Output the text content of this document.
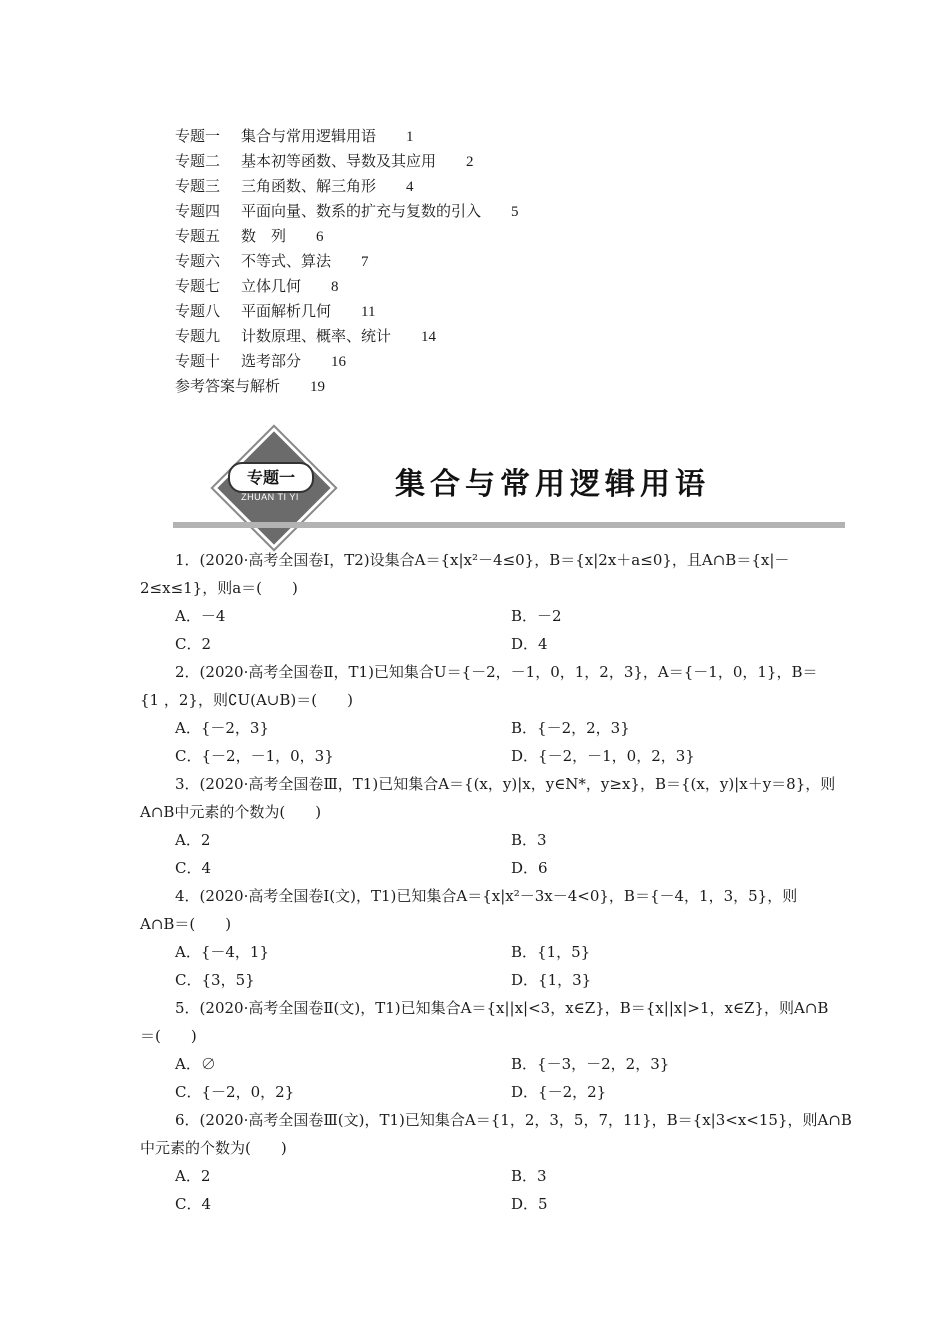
专题一 集合与常用逻辑用语 1
专题二 基本初等函数、导数及其应用 2
专题三 三角函数、解三角形 4
专题四 平面向量、数系的扩充与复数的引入 5
专题五 数　列 6
专题六 不等式、算法 7
专题七 立体几何 8
专题八 平面解析几何 11
专题九 计数原理、概率、统计 14
专题十 选考部分 16
参考答案与解析 19
专题一
ZHUAN TI YI	集合与常用逻辑用语
1．(2020·高考全国卷Ⅰ，T2)设集合A＝{x|x²－4≤0}，B＝{x|2x＋a≤0}，且A∩B＝{x|－
2≤x≤1}，则a＝(　　)
A．－4	B．－2
C．2	D．4
2．(2020·高考全国卷Ⅱ，T1)已知集合U＝{－2，－1，0，1，2，3}，A＝{－1，0，1}，B＝
{1 ，2}，则∁U(A∪B)＝(　　)
A．{－2，3}	B．{－2，2，3}
C．{－2，－1，0，3}	D．{－2，－1，0，2，3}
3．(2020·高考全国卷Ⅲ，T1)已知集合A＝{(x，y)|x，y∈N*，y≥x}，B＝{(x，y)|x＋y＝8}，则
A∩B中元素的个数为(　　)
A．2	B．3
C．4	D．6
4．(2020·高考全国卷Ⅰ(文)，T1)已知集合A＝{x|x²－3x－4<0}，B＝{－4，1，3，5}，则
A∩B＝(　　)
A．{－4，1}	B．{1，5}
C．{3，5}	D．{1，3}
5．(2020·高考全国卷Ⅱ(文)，T1)已知集合A＝{x||x|<3，x∈Z}，B＝{x||x|>1，x∈Z}，则A∩B
＝(　　)
A．∅	B．{－3，－2，2，3}
C．{－2，0，2}	D．{－2，2}
6．(2020·高考全国卷Ⅲ(文)，T1)已知集合A＝{1，2，3，5，7，11}，B＝{x|3<x<15}，则A∩B
中元素的个数为(　　)
A．2	B．3
C．4	D．5
